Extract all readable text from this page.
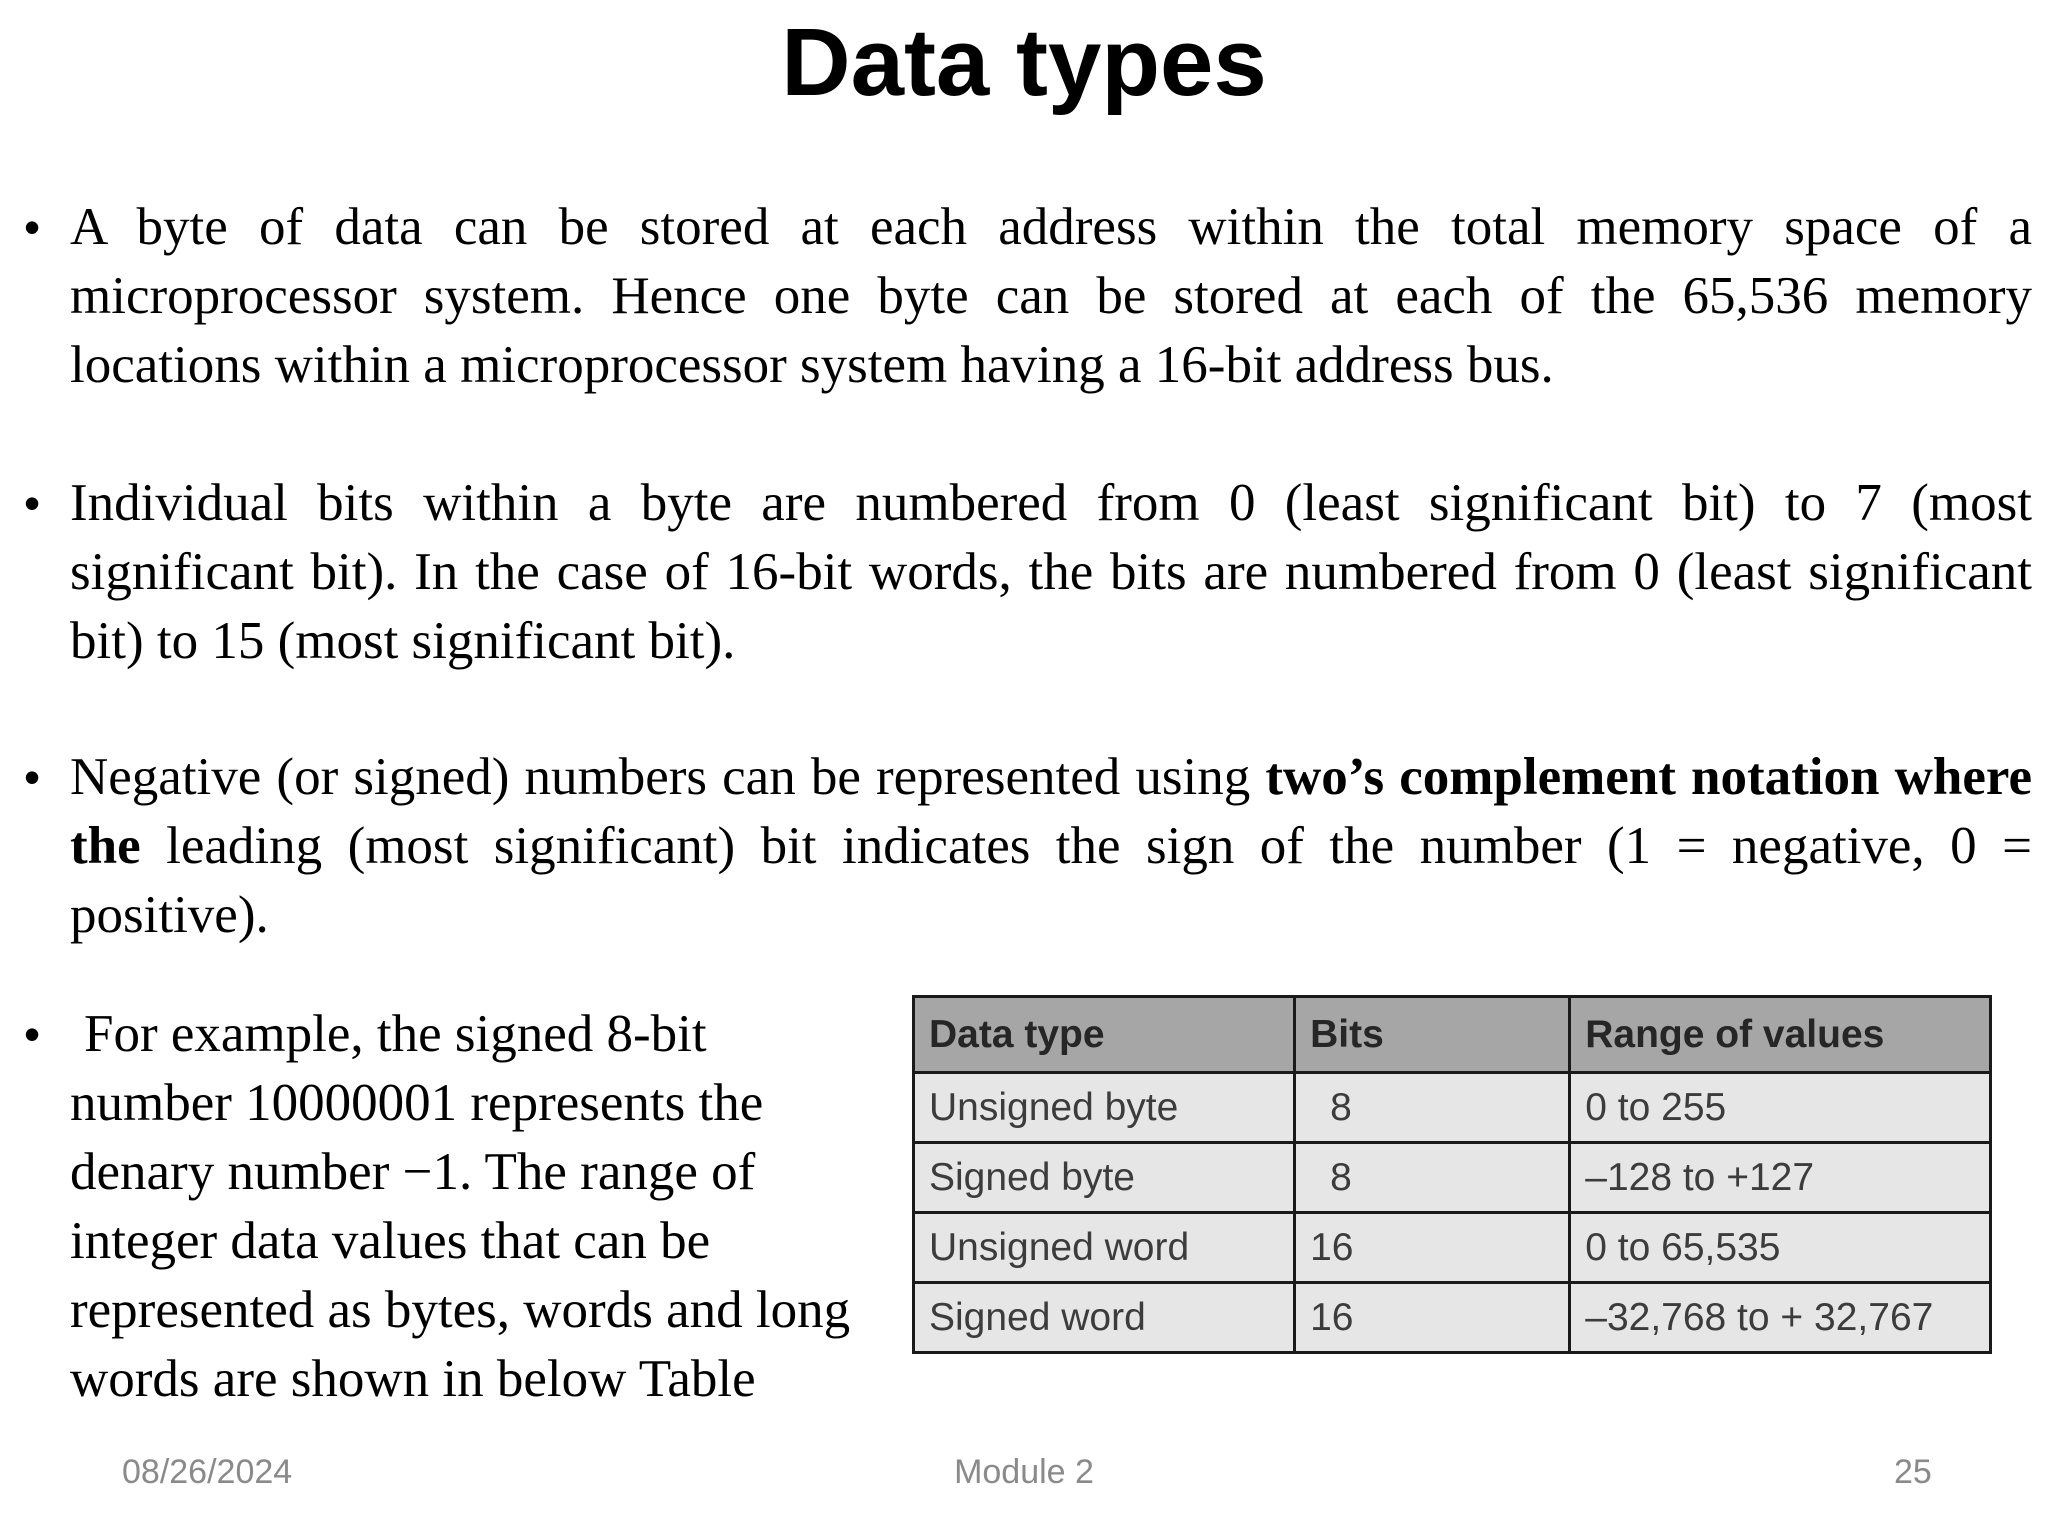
Data types
• A byte of data can be stored at each address within the total memory space of a microprocessor system. Hence one byte can be stored at each of the 65,536 memory locations within a microprocessor system having a 16-bit address bus.
• Individual bits within a byte are numbered from 0 (least significant bit) to 7 (most significant bit). In the case of 16-bit words, the bits are numbered from 0 (least significant bit) to 15 (most significant bit).
• Negative (or signed) numbers can be represented using two’s complement notation where the leading (most significant) bit indicates the sign of the number (1 = negative, 0 = positive).
• For example, the signed 8-bit number 10000001 represents the denary number −1. The range of integer data values that can be represented as bytes, words and long words are shown in below Table
Data type	Bits	Range of values
Unsigned byte	8	0 to 255
Signed byte	8	–128 to +127
Unsigned word	16	0 to 65,535
Signed word	16	–32,768 to + 32,767
08/26/2024	Module 2	25
